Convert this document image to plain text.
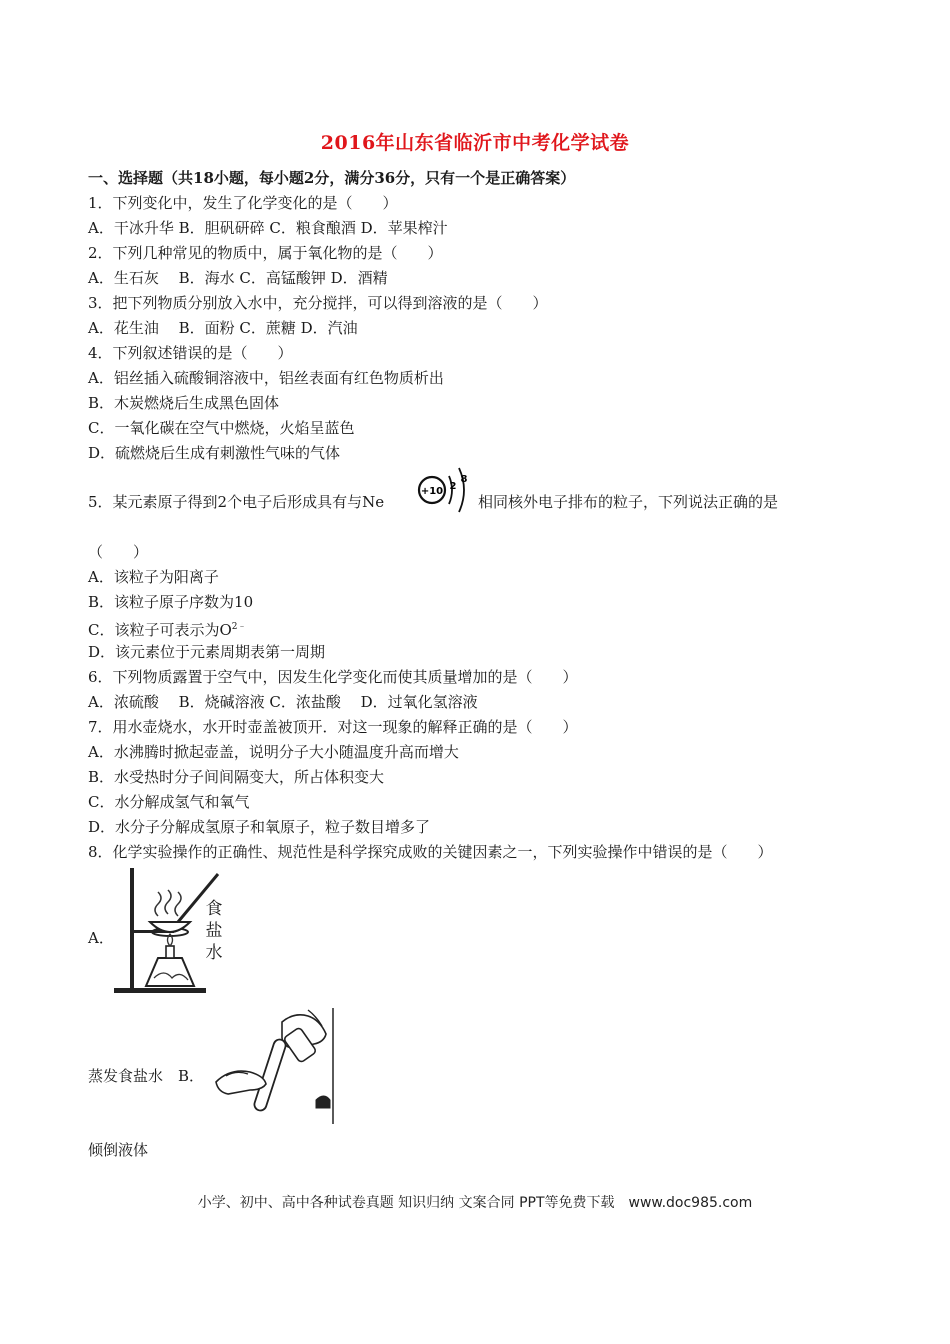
2016年山东省临沂市中考化学试卷
一、选择题（共18小题，每小题2分，满分36分，只有一个是正确答案）
1．下列变化中，发生了化学变化的是（　　）
A．干冰升华 B．胆矾研碎 C．粮食酿酒 D．苹果榨汁
2．下列几种常见的物质中，属于氧化物的是（　　）
A．生石灰　 B．海水 C．高锰酸钾 D．酒精
3．把下列物质分别放入水中，充分搅拌，可以得到溶液的是（　　）
A．花生油　 B．面粉 C．蔗糖 D．汽油
4．下列叙述错误的是（　　）
A．铝丝插入硫酸铜溶液中，铝丝表面有红色物质析出
B．木炭燃烧后生成黑色固体
C．一氧化碳在空气中燃烧，火焰呈蓝色
D．硫燃烧后生成有刺激性气味的气体
5．某元素原子得到2个电子后形成具有与Ne
+10 2
8
相同核外电子排布的粒子，下列说法正确的是
（　　）
A．该粒子为阳离子
B．该粒子原子序数为10
C．该粒子可表示为$O^{2﹣}$
D．该元素位于元素周期表第一周期
6．下列物质露置于空气中，因发生化学变化而使其质量增加的是（　　）
A．浓硫酸　 B．烧碱溶液 C．浓盐酸　 D．过氧化氢溶液
7．用水壶烧水，水开时壶盖被顶开．对这一现象的解释正确的是（　　）
A．水沸腾时掀起壶盖，说明分子大小随温度升高而增大
B．水受热时分子间间隔变大，所占体积变大
C．水分解成氢气和氧气
D．水分子分解成氢原子和氧原子，粒子数目增多了
8．化学实验操作的正确性、规范性是科学探究成败的关键因素之一，下列实验操作中错误的是（　　）
A．
食
盐
水
蒸发食盐水　 B．
倾倒液体
小学、初中、高中各种试卷真题 知识归纳 文案合同 PPT等免费下载　www.doc985.com
